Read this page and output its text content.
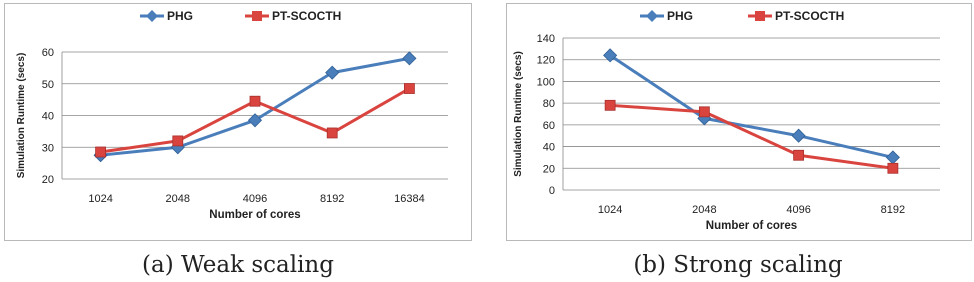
20
30
40
50
60
1024	2048	4096	8192	16384
Number of cores
Simulation Runtime (secs)
PHG	PT-SCOCTH
(a) Weak scaling
0
20
40
60
80
100
120
140
1024	2048	4096	8192
Number of cores
Simulation Runtime (secs)
PHG	PT-SCOCTH
(b) Strong scaling
